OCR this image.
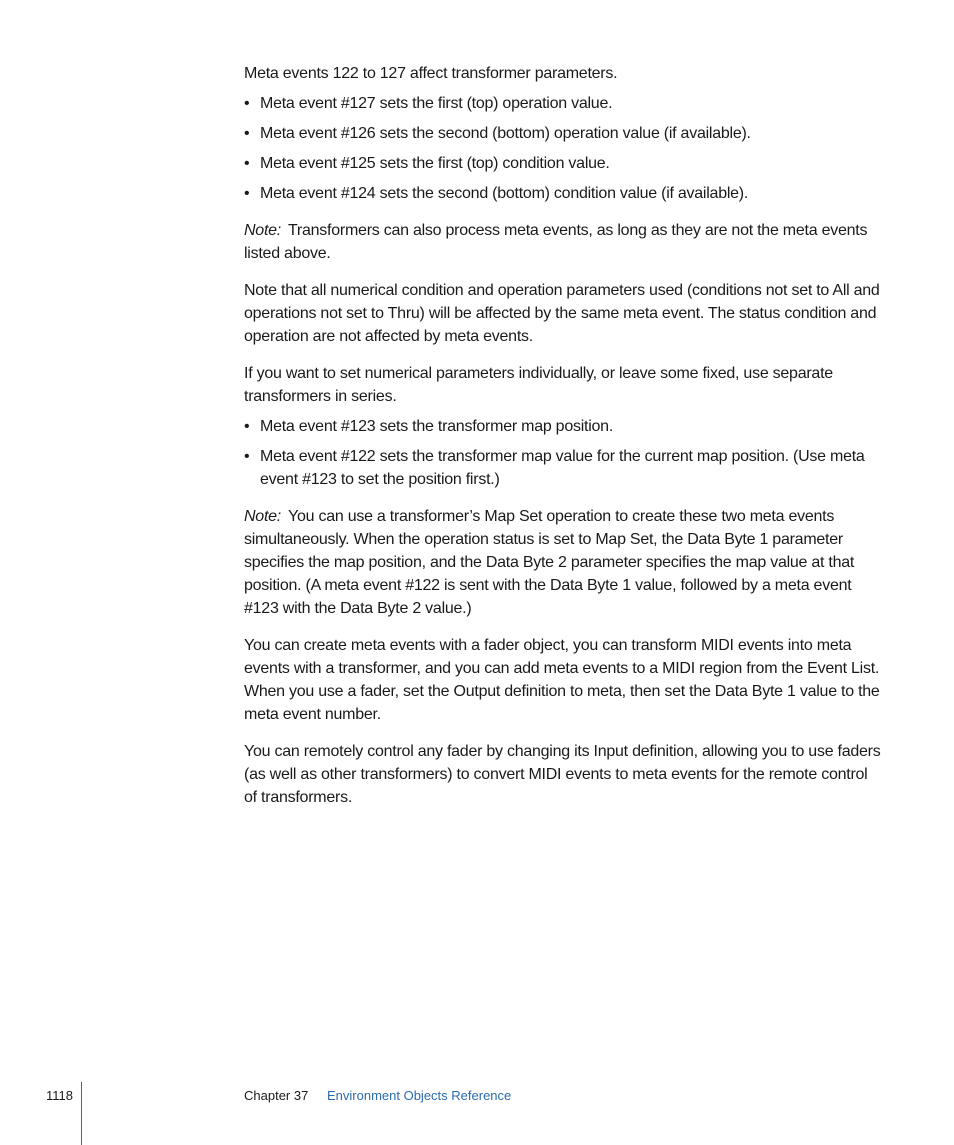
Meta events 122 to 127 affect transformer parameters.

• Meta event #127 sets the first (top) operation value.
• Meta event #126 sets the second (bottom) operation value (if available).
• Meta event #125 sets the first (top) condition value.
• Meta event #124 sets the second (bottom) condition value (if available).

Note: Transformers can also process meta events, as long as they are not the meta events listed above.

Note that all numerical condition and operation parameters used (conditions not set to All and operations not set to Thru) will be affected by the same meta event. The status condition and operation are not affected by meta events.

If you want to set numerical parameters individually, or leave some fixed, use separate transformers in series.

• Meta event #123 sets the transformer map position.
• Meta event #122 sets the transformer map value for the current map position. (Use meta event #123 to set the position first.)

Note: You can use a transformer’s Map Set operation to create these two meta events simultaneously. When the operation status is set to Map Set, the Data Byte 1 parameter specifies the map position, and the Data Byte 2 parameter specifies the map value at that position. (A meta event #122 is sent with the Data Byte 1 value, followed by a meta event #123 with the Data Byte 2 value.)

You can create meta events with a fader object, you can transform MIDI events into meta events with a transformer, and you can add meta events to a MIDI region from the Event List. When you use a fader, set the Output definition to meta, then set the Data Byte 1 value to the meta event number.

You can remotely control any fader by changing its Input definition, allowing you to use faders (as well as other transformers) to convert MIDI events to meta events for the remote control of transformers.

1118	Chapter 37 Environment Objects Reference
